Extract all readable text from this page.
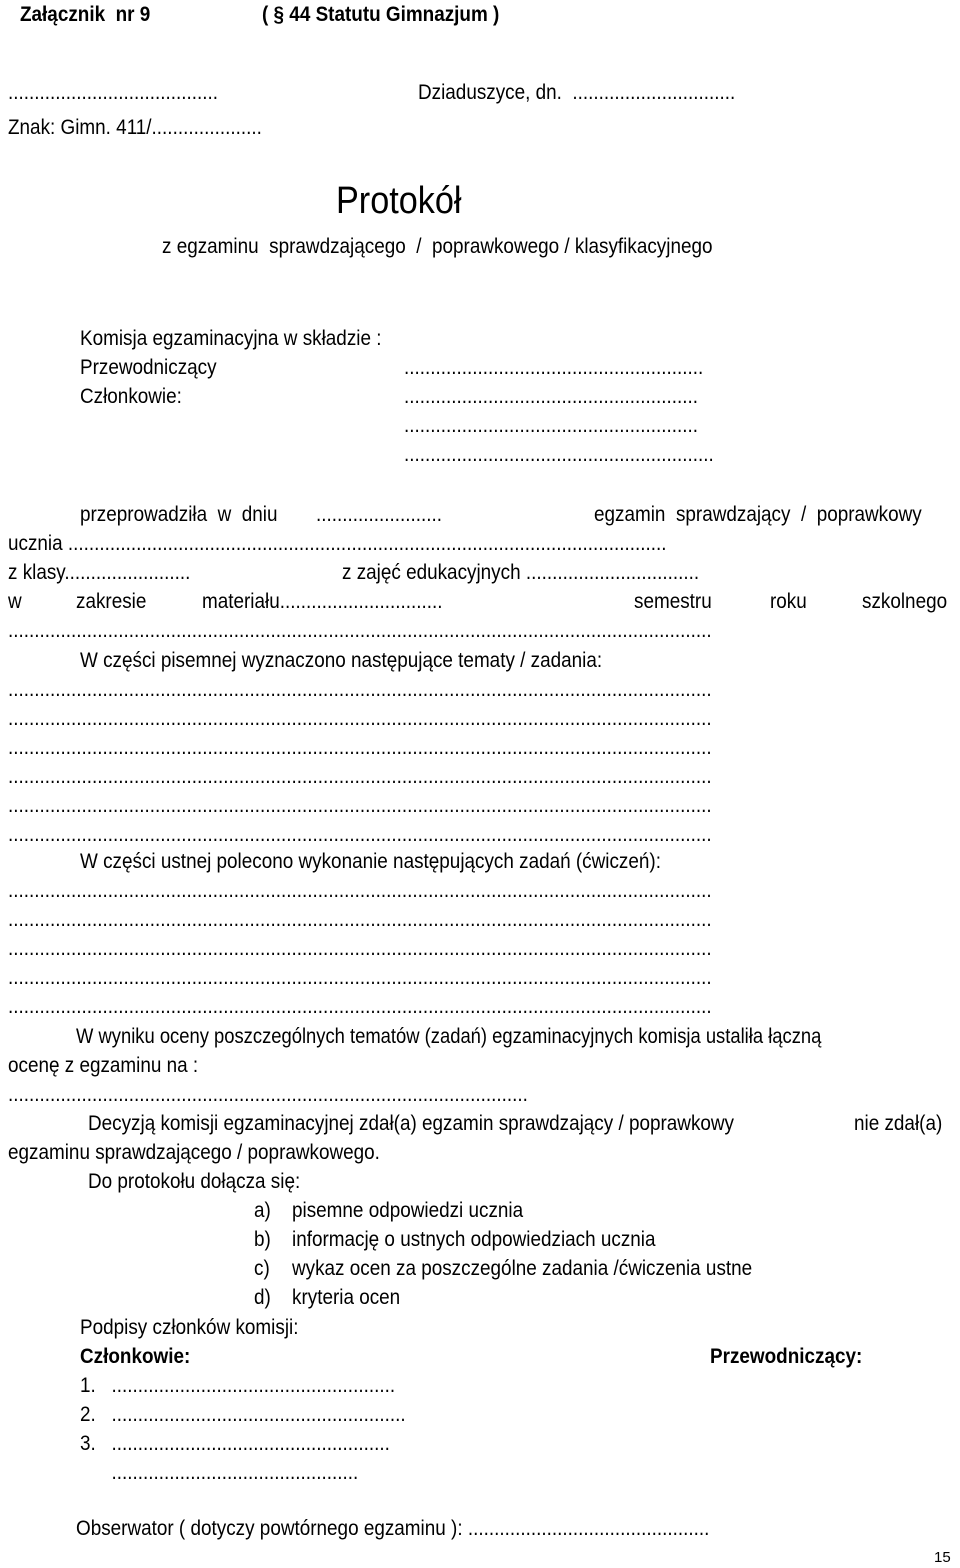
Załącznik  nr 9	( § 44 Statutu Gimnazjum )
........................................	Dziaduszyce, dn.  ...............................
Znak: Gimn. 411/.....................
Protokół
z egzaminu  sprawdzającego  /  poprawkowego / klasyfikacyjnego
Komisja egzaminacyjna w składzie :
Przewodniczący	.........................................................
Członkowie:	........................................................
........................................................
...........................................................
przeprowadziła  w  dniu ........................	egzamin  sprawdzający  /  poprawkowy
ucznia ..................................................................................................................
z klasy........................	z zajęć edukacyjnych .................................
w	zakresie	materiału...............................	semestru	roku	szkolnego
......................................................................................................................................
W części pisemnej wyznaczono następujące tematy / zadania:
......................................................................................................................................
......................................................................................................................................
......................................................................................................................................
......................................................................................................................................
......................................................................................................................................
......................................................................................................................................
W części ustnej polecono wykonanie następujących zadań (ćwiczeń):
......................................................................................................................................
......................................................................................................................................
......................................................................................................................................
......................................................................................................................................
......................................................................................................................................
W wyniku oceny poszczególnych tematów (zadań) egzaminacyjnych komisja ustaliła łączną
ocenę z egzaminu na :
...................................................................................................
Decyzją komisji egzaminacyjnej zdał(a) egzamin sprawdzający / poprawkowy	nie zdał(a)
egzaminu sprawdzającego / poprawkowego.
Do protokołu dołącza się:
a) pisemne odpowiedzi ucznia
b) informację o ustnych odpowiedziach ucznia
c) wykaz ocen za poszczególne zadania /ćwiczenia ustne
d) kryteria ocen
Podpisy członków komisji:
Członkowie:	Przewodniczący:
1.   ......................................................
2.   ........................................................
3.   .....................................................
...............................................
Obserwator ( dotyczy powtórnego egzaminu ): ..............................................
15
